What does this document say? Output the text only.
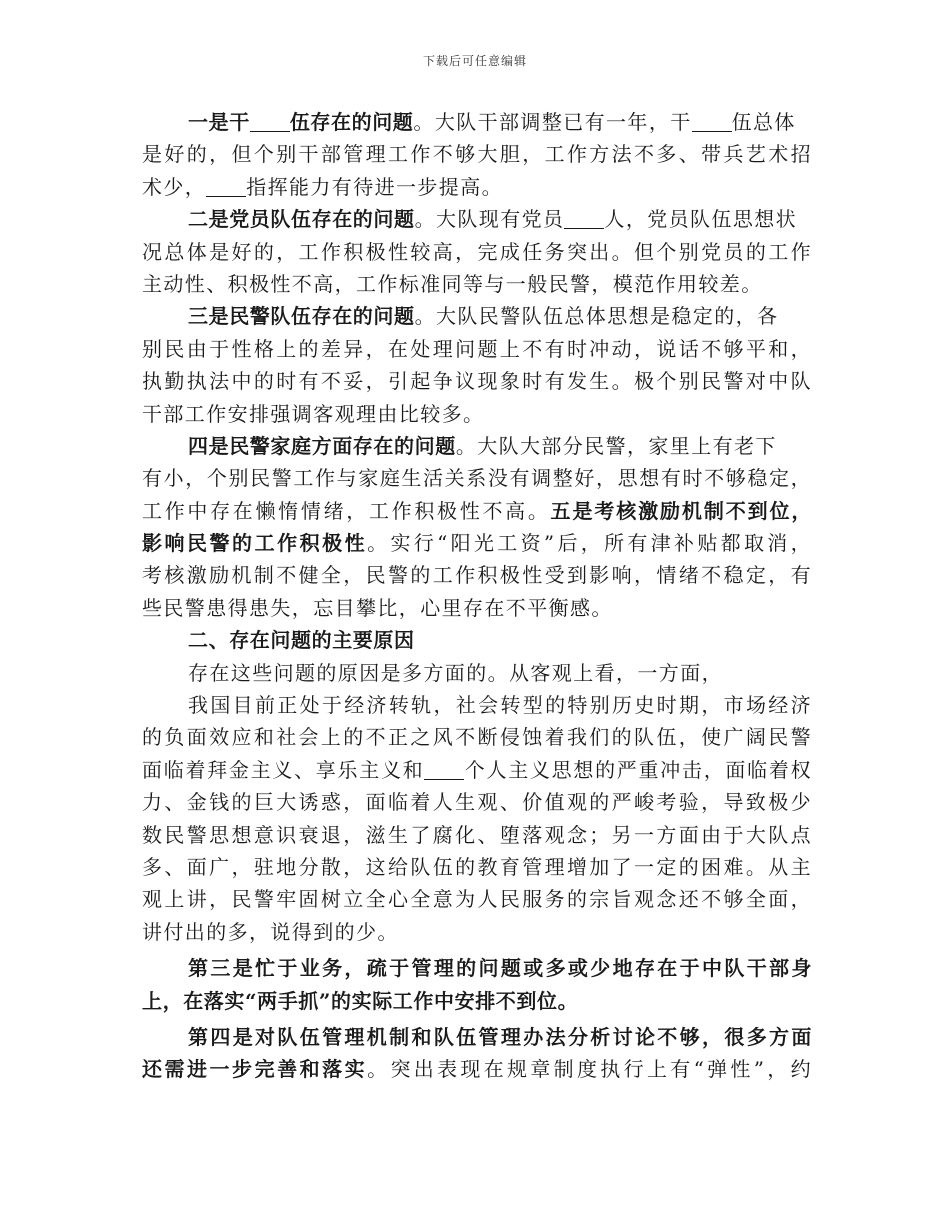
下载后可任意编辑
一是干 伍存在的问题。大队干部调整已有一年，干 伍总体
是好的，但个别干部管理工作不够大胆，工作方法不多、带兵艺术招
术少， 指挥能力有待进一步提高。
二是党员队伍存在的问题。大队现有党员 人，党员队伍思想状
况总体是好的，工作积极性较高，完成任务突出。但个别党员的工作
主动性、积极性不高，工作标准同等与一般民警，模范作用较差。
三是民警队伍存在的问题。大队民警队伍总体思想是稳定的，各
别民由于性格上的差异，在处理问题上不有时冲动，说话不够平和，
执勤执法中的时有不妥，引起争议现象时有发生。极个别民警对中队
干部工作安排强调客观理由比较多。
四是民警家庭方面存在的问题。大队大部分民警，家里上有老下
有小，个别民警工作与家庭生活关系没有调整好，思想有时不够稳定，
工作中存在懒惰情绪，工作积极性不高。五是考核激励机制不到位，
影响民警的工作积极性。实行“阳光工资”后，所有津补贴都取消，
考核激励机制不健全，民警的工作积极性受到影响，情绪不稳定，有
些民警患得患失，忘目攀比，心里存在不平衡感。
二、存在问题的主要原因
存在这些问题的原因是多方面的。从客观上看，一方面，
我国目前正处于经济转轨，社会转型的特别历史时期，市场经济
的负面效应和社会上的不正之风不断侵蚀着我们的队伍，使广阔民警
面临着拜金主义、享乐主义和 个人主义思想的严重冲击，面临着权
力、金钱的巨大诱惑，面临着人生观、价值观的严峻考验，导致极少
数民警思想意识衰退，滋生了腐化、堕落观念；另一方面由于大队点
多、面广，驻地分散，这给队伍的教育管理增加了一定的困难。从主
观上讲，民警牢固树立全心全意为人民服务的宗旨观念还不够全面，
讲付出的多，说得到的少。
第三是忙于业务，疏于管理的问题或多或少地存在于中队干部身
上，在落实“两手抓”的实际工作中安排不到位。
第四是对队伍管理机制和队伍管理办法分析讨论不够，很多方面
还需进一步完善和落实。突出表现在规章制度执行上有“弹性”，约
